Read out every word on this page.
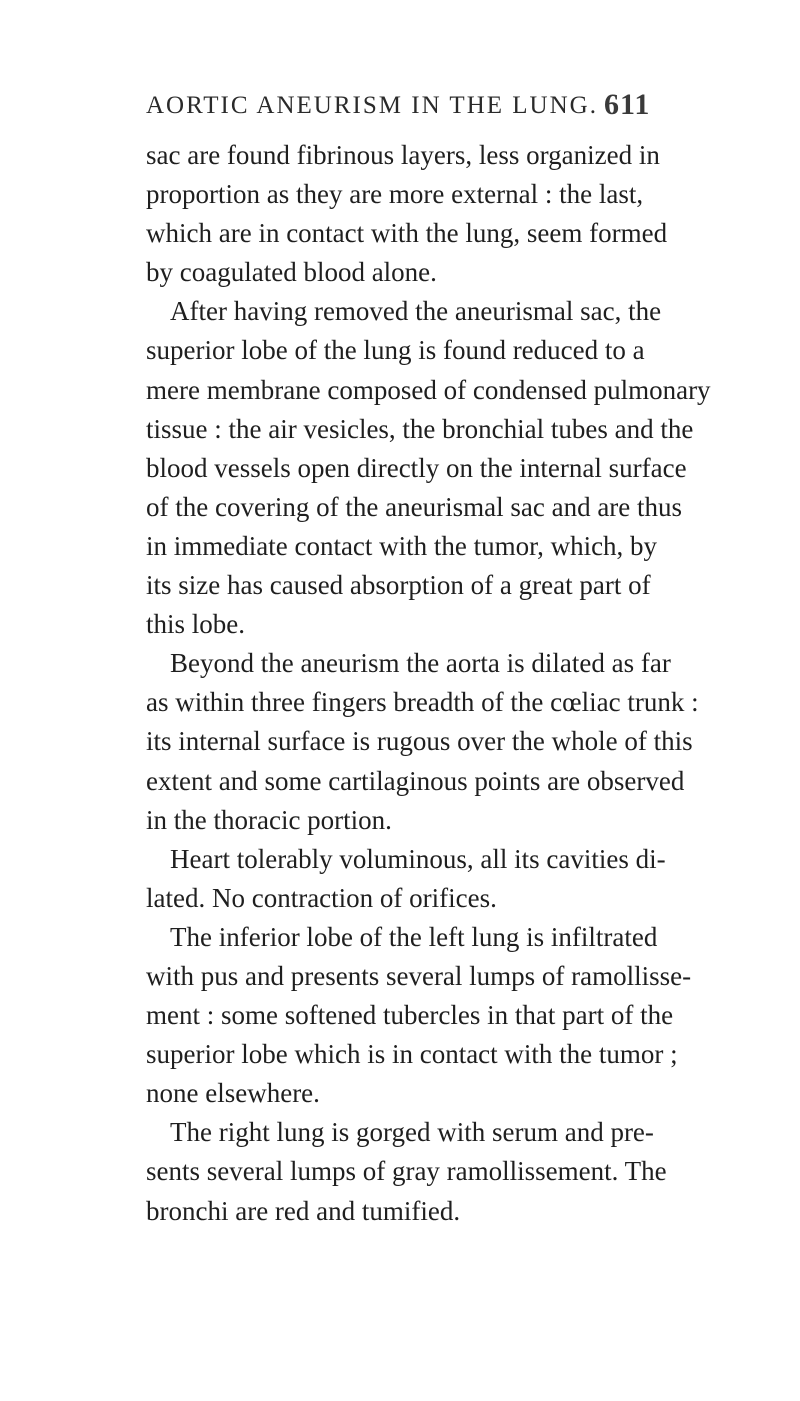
AORTIC ANEURISM IN THE LUNG. 611
sac are found fibrinous layers, less organized in
proportion as they are more external : the last,
which are in contact with the lung, seem formed
by coagulated blood alone.
After having removed the aneurismal sac, the
superior lobe of the lung is found reduced to a
mere membrane composed of condensed pulmonary
tissue : the air vesicles, the bronchial tubes and the
blood vessels open directly on the internal surface
of the covering of the aneurismal sac and are thus
in immediate contact with the tumor, which, by
its size has caused absorption of a great part of
this lobe.
Beyond the aneurism the aorta is dilated as far
as within three fingers breadth of the cœliac trunk :
its internal surface is rugous over the whole of this
extent and some cartilaginous points are observed
in the thoracic portion.
Heart tolerably voluminous, all its cavities di-
lated. No contraction of orifices.
The inferior lobe of the left lung is infiltrated
with pus and presents several lumps of ramollisse-
ment : some softened tubercles in that part of the
superior lobe which is in contact with the tumor ;
none elsewhere.
The right lung is gorged with serum and pre-
sents several lumps of gray ramollissement. The
bronchi are red and tumified.
